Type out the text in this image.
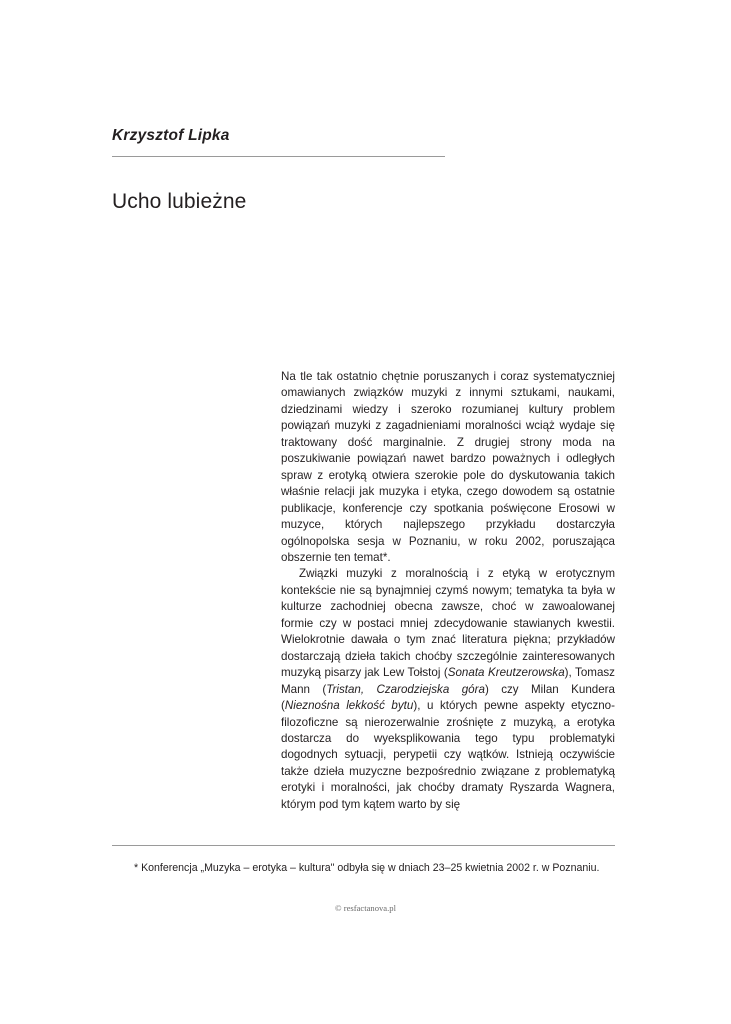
Krzysztof Lipka
Ucho lubieżne

Na tle tak ostatnio chętnie poruszanych i coraz systematyczniej omawianych związków muzyki z innymi sztukami, naukami, dziedzinami wiedzy i szeroko rozumianej kultury problem powiązań muzyki z zagadnieniami moralności wciąż wydaje się traktowany dość marginalnie. Z drugiej strony moda na poszukiwanie powiązań nawet bardzo poważnych i odległych spraw z erotyką otwiera szerokie pole do dyskutowania takich właśnie relacji jak muzyka i etyka, czego dowodem są ostatnie publikacje, konferencje czy spotkania poświęcone Erosowi w muzyce, których najlepszego przykładu dostarczyła ogólnopolska sesja w Poznaniu, w roku 2002, poruszająca obszernie ten temat*.

Związki muzyki z moralnością i z etyką w erotycznym kontekście nie są bynajmniej czymś nowym; tematyka ta była w kulturze zachodniej obecna zawsze, choć w zawoalowanej formie czy w postaci mniej zdecydowanie stawianych kwestii. Wielokrotnie dawała o tym znać literatura piękna; przykładów dostarczają dzieła takich choćby szczególnie zainteresowanych muzyką pisarzy jak Lew Tołstoj (Sonata Kreutzerowska), Tomasz Mann (Tristan, Czarodziejska góra) czy Milan Kundera (Nieznośna lekkość bytu), u których pewne aspekty etyczno-filozoficzne są nierozerwalnie zrośnięte z muzyką, a erotyka dostarcza do wyeksplikowania tego typu problematyki dogodnych sytuacji, perypetii czy wątków. Istnieją oczywiście także dzieła muzyczne bezpośrednio związane z problematyką erotyki i moralności, jak choćby dramaty Ryszarda Wagnera, którym pod tym kątem warto by się

* Konferencja „Muzyka – erotyka – kultura" odbyła się w dniach 23–25 kwietnia 2002 r. w Poznaniu.
© resfactanova.pl
